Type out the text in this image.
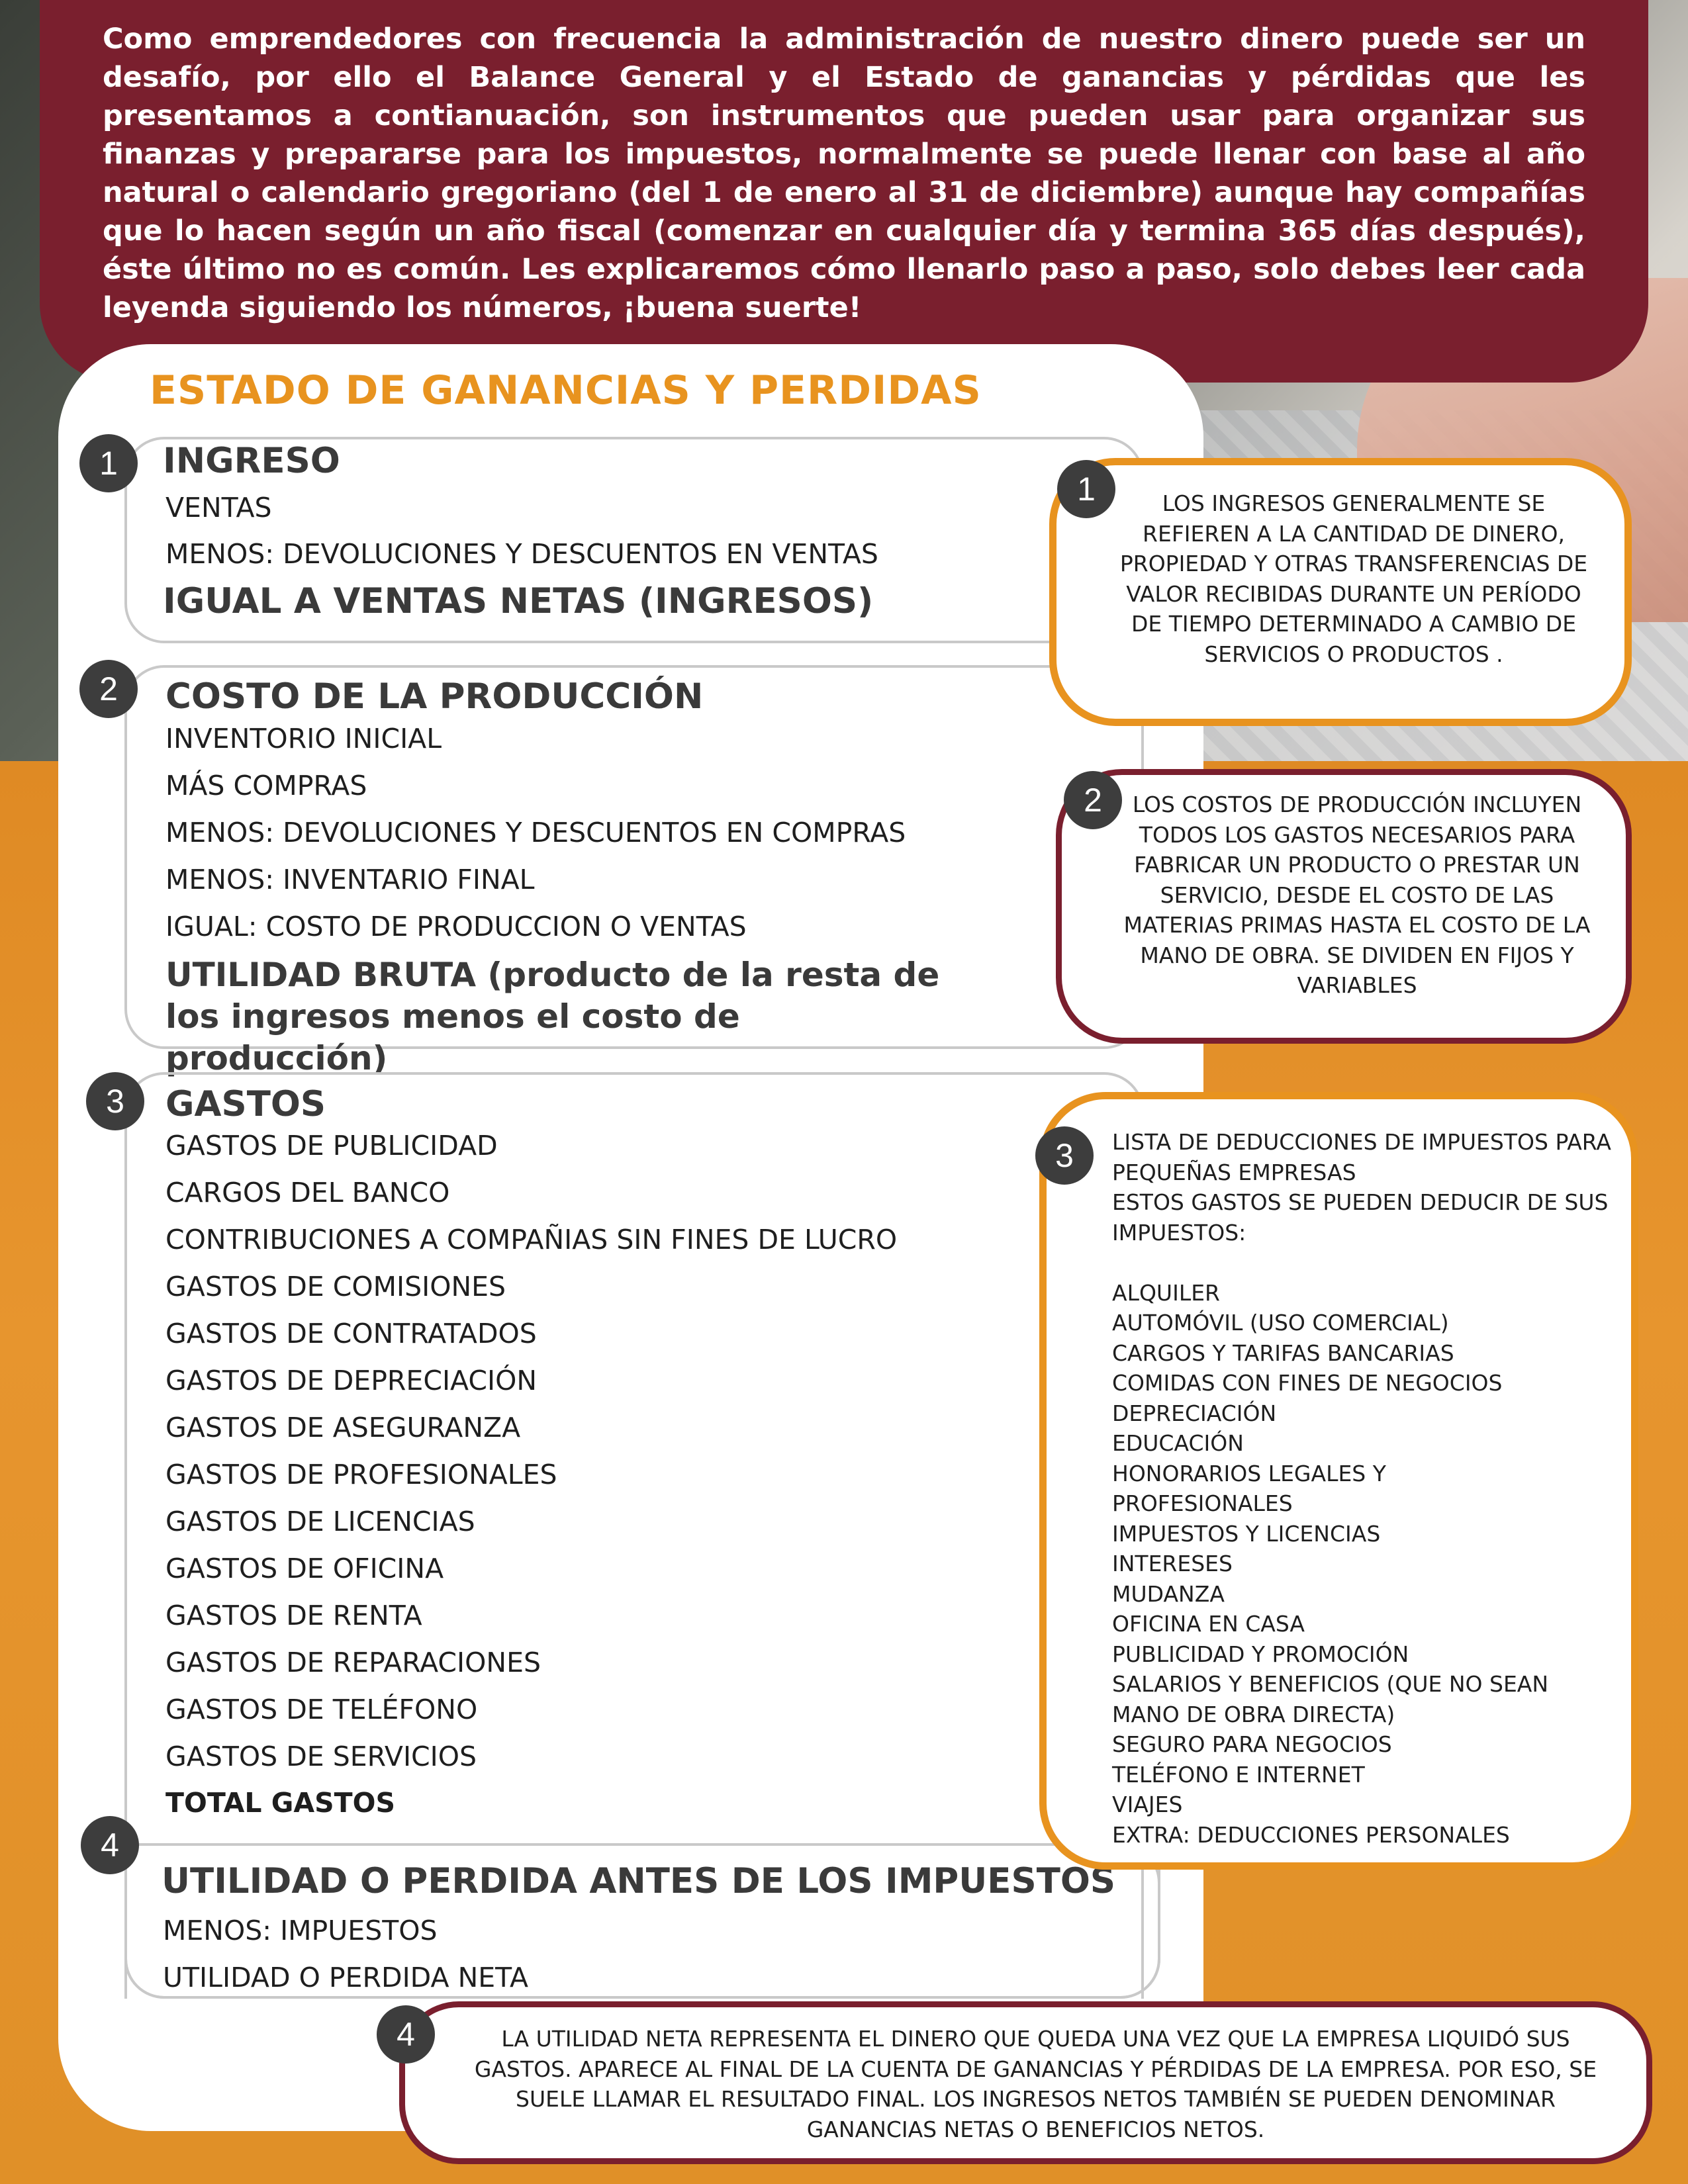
Como emprendedores con frecuencia la administración de nuestro dinero puede ser un desafío, por ello el Balance General y el Estado de ganancias y pérdidas que les presentamos a contianuación, son instrumentos que pueden usar para organizar sus finanzas y prepararse para los impuestos, normalmente se puede llenar con base al año natural o calendario gregoriano (del 1 de enero al 31 de diciembre) aunque hay compañías que lo hacen según un año fiscal (comenzar en cualquier día y termina 365 días después), éste último no es común. Les explicaremos cómo llenarlo paso a paso, solo debes leer cada leyenda siguiendo los números, ¡buena suerte!

ESTADO DE GANANCIAS Y PERDIDAS
1	INGRESO
VENTAS
MENOS: DEVOLUCIONES Y DESCUENTOS EN VENTAS
IGUAL A VENTAS NETAS (INGRESOS)
2	COSTO DE LA PRODUCCIÓN
INVENTORIO INICIAL
MÁS COMPRAS
MENOS: DEVOLUCIONES Y DESCUENTOS EN COMPRAS
MENOS: INVENTARIO FINAL
IGUAL: COSTO DE PRODUCCION O VENTAS
UTILIDAD BRUTA (producto de la resta de los ingresos menos el costo de producción)
3	GASTOS
GASTOS DE PUBLICIDAD
CARGOS DEL BANCO
CONTRIBUCIONES A COMPAÑIAS SIN FINES DE LUCRO
GASTOS DE COMISIONES
GASTOS DE CONTRATADOS
GASTOS DE DEPRECIACIÓN
GASTOS DE ASEGURANZA
GASTOS DE PROFESIONALES
GASTOS DE LICENCIAS
GASTOS DE OFICINA
GASTOS DE RENTA
GASTOS DE REPARACIONES
GASTOS DE TELÉFONO
GASTOS DE SERVICIOS
TOTAL GASTOS
4
UTILIDAD O PERDIDA ANTES DE LOS IMPUESTOS
MENOS: IMPUESTOS
UTILIDAD O PERDIDA NETA
LOS INGRESOS GENERALMENTE SE REFIEREN A LA CANTIDAD DE DINERO, PROPIEDAD Y OTRAS TRANSFERENCIAS DE VALOR RECIBIDAS DURANTE UN PERÍODO DE TIEMPO DETERMINADO A CAMBIO DE SERVICIOS O PRODUCTOS .
1
LOS COSTOS DE PRODUCCIÓN INCLUYEN TODOS LOS GASTOS NECESARIOS PARA FABRICAR UN PRODUCTO O PRESTAR UN SERVICIO, DESDE EL COSTO DE LAS MATERIAS PRIMAS HASTA EL COSTO DE LA MANO DE OBRA. SE DIVIDEN EN FIJOS Y VARIABLES
2
LISTA DE DEDUCCIONES DE IMPUESTOS PARA PEQUEÑAS EMPRESAS
ESTOS GASTOS SE PUEDEN DEDUCIR DE SUS IMPUESTOS:

ALQUILER
AUTOMÓVIL (USO COMERCIAL)
CARGOS Y TARIFAS BANCARIAS
COMIDAS CON FINES DE NEGOCIOS
DEPRECIACIÓN
EDUCACIÓN
HONORARIOS LEGALES Y
PROFESIONALES
IMPUESTOS Y LICENCIAS
INTERESES
MUDANZA
OFICINA EN CASA
PUBLICIDAD Y PROMOCIÓN
SALARIOS Y BENEFICIOS (QUE NO SEAN
MANO DE OBRA DIRECTA)
SEGURO PARA NEGOCIOS
TELÉFONO E INTERNET
VIAJES
EXTRA: DEDUCCIONES PERSONALES
3
LA UTILIDAD NETA REPRESENTA EL DINERO QUE QUEDA UNA VEZ QUE LA EMPRESA LIQUIDÓ SUS GASTOS. APARECE AL FINAL DE LA CUENTA DE GANANCIAS Y PÉRDIDAS DE LA EMPRESA. POR ESO, SE SUELE LLAMAR EL RESULTADO FINAL. LOS INGRESOS NETOS TAMBIÉN SE PUEDEN DENOMINAR GANANCIAS NETAS O BENEFICIOS NETOS.
4
